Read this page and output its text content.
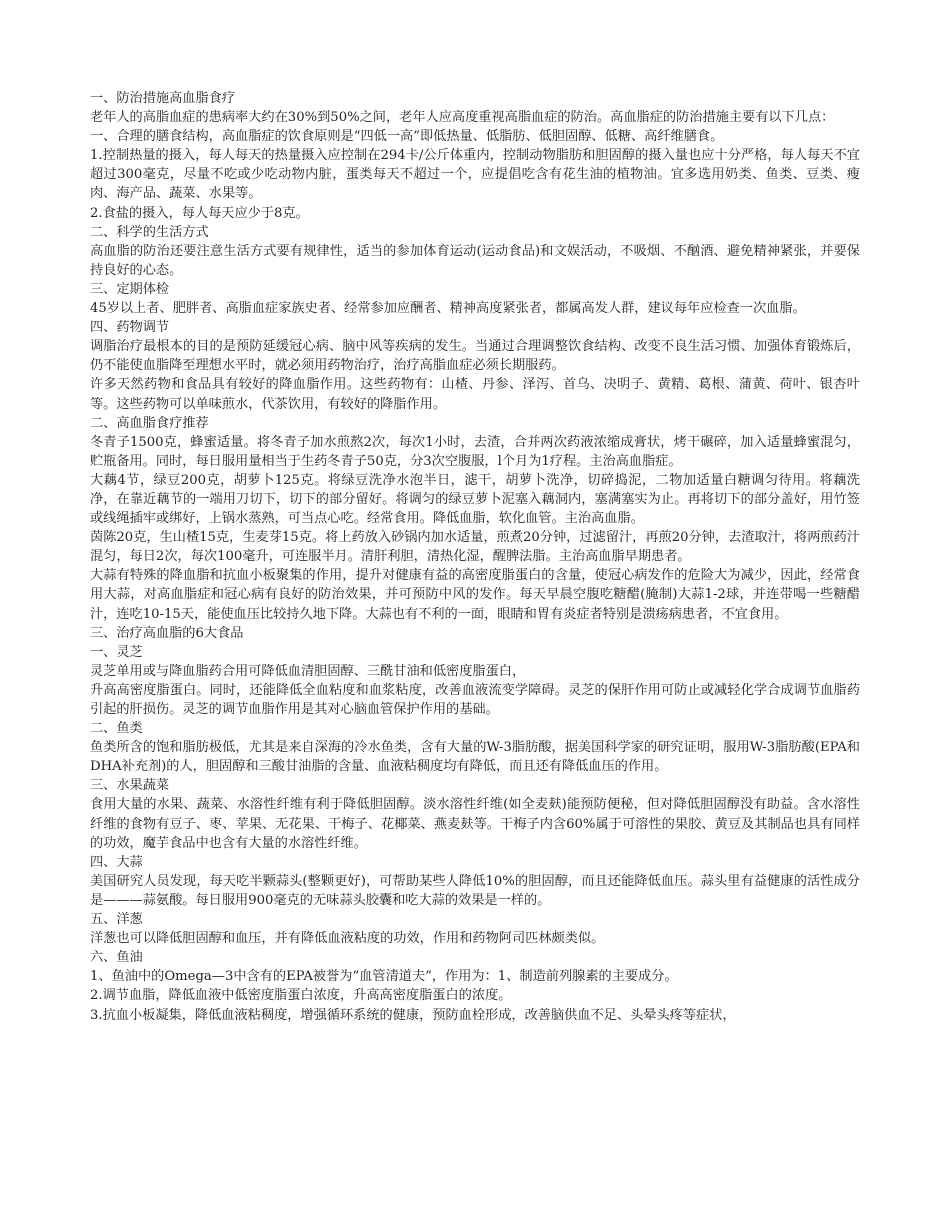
一、防治措施高血脂食疗

老年人的高脂血症的患病率大约在30%到50%之间，老年人应高度重视高脂血症的防治。高血脂症的防治措施主要有以下几点：

一、合理的膳食结构，高血脂症的饮食原则是“四低一高”即低热量、低脂肪、低胆固醇、低糖、高纤维膳食。

1.控制热量的摄入，每人每天的热量摄入应控制在294卡/公斤体重内，控制动物脂肪和胆固醇的摄入量也应十分严格，每人每天不宜超过300毫克，尽量不吃或少吃动物内脏，蛋类每天不超过一个，应提倡吃含有花生油的植物油。宜多选用奶类、鱼类、豆类、瘦肉、海产品、蔬菜、水果等。

2.食盐的摄入，每人每天应少于8克。

二、科学的生活方式

高血脂的防治还要注意生活方式要有规律性，适当的参加体育运动(运动食品)和文娱活动，不吸烟、不酗酒、避免精神紧张，并要保持良好的心态。

三、定期体检

45岁以上者、肥胖者、高脂血症家族史者、经常参加应酬者、精神高度紧张者，都属高发人群，建议每年应检查一次血脂。

四、药物调节

调脂治疗最根本的目的是预防延缓冠心病、脑中风等疾病的发生。当通过合理调整饮食结构、改变不良生活习惯、加强体育锻炼后，仍不能使血脂降至理想水平时，就必须用药物治疗，治疗高脂血症必须长期服药。

许多天然药物和食品具有较好的降血脂作用。这些药物有：山楂、丹参、泽泻、首乌、决明子、黄精、葛根、蒲黄、荷叶、银杏叶等。这些药物可以单味煎水，代茶饮用，有较好的降脂作用。

二、高血脂食疗推荐

冬青子1500克，蜂蜜适量。将冬青子加水煎熬2次，每次1小时，去渣，合并两次药液浓缩成膏状，烤干碾碎，加入适量蜂蜜混匀，贮瓶备用。同时，每日服用量相当于生药冬青子50克，分3次空腹服，l个月为1疗程。主治高血脂症。

大藕4节，绿豆200克，胡萝卜125克。将绿豆洗净水泡半日，滤干，胡萝卜洗净，切碎捣泥，二物加适量白糖调匀待用。将藕洗净，在靠近藕节的一端用刀切下，切下的部分留好。将调匀的绿豆萝卜泥塞入藕洞内，塞满塞实为止。再将切下的部分盖好，用竹签或线绳插牢或绑好，上锅水蒸熟，可当点心吃。经常食用。降低血脂，软化血管。主治高血脂。

茵陈20克，生山楂15克，生麦芽15克。将上药放入砂锅内加水适量，煎煮20分钟，过滤留汁，再煎20分钟，去渣取汁，将两煎药汁混匀，每日2次，每次100毫升，可连服半月。清肝利胆，清热化湿，醒脾法脂。主治高血脂早期患者。

大蒜有特殊的降血脂和抗血小板聚集的作用，提升对健康有益的高密度脂蛋白的含量，使冠心病发作的危险大为减少，因此，经常食用大蒜，对高血脂症和冠心病有良好的防治效果，并可预防中风的发作。每天早晨空腹吃糖醋(腌制)大蒜1-2球，并连带喝一些糖醋汁，连吃10-15天，能使血压比较持久地下降。大蒜也有不利的一面，眼睛和胃有炎症者特别是溃疡病患者，不宜食用。

三、治疗高血脂的6大食品

一、灵芝

灵芝单用或与降血脂药合用可降低血清胆固醇、三酰甘油和低密度脂蛋白，

升高高密度脂蛋白。同时，还能降低全血粘度和血浆粘度，改善血液流变学障碍。灵芝的保肝作用可防止或减轻化学合成调节血脂药引起的肝损伤。灵芝的调节血脂作用是其对心脑血管保护作用的基础。

二、鱼类

鱼类所含的饱和脂肪极低，尤其是来自深海的冷水鱼类，含有大量的W-3脂肪酸，据美国科学家的研究证明，服用W-3脂肪酸(EPA和DHA补充剂)的人，胆固醇和三酸甘油脂的含量、血液粘稠度均有降低，而且还有降低血压的作用。

三、水果蔬菜

食用大量的水果、蔬菜、水溶性纤维有利于降低胆固醇。淡水溶性纤维(如全麦麸)能预防便秘，但对降低胆固醇没有助益。含水溶性纤维的食物有豆子、枣、苹果、无花果、干梅子、花椰菜、燕麦麸等。干梅子内含60%属于可溶性的果胶、黄豆及其制品也具有同样的功效，魔芋食品中也含有大量的水溶性纤维。

四、大蒜

美国研究人员发现，每天吃半颗蒜头(整颗更好)，可帮助某些人降低10%的胆固醇，而且还能降低血压。蒜头里有益健康的活性成分是———蒜氨酸。每日服用900毫克的无味蒜头胶囊和吃大蒜的效果是一样的。

五、洋葱

洋葱也可以降低胆固醇和血压，并有降低血液粘度的功效，作用和药物阿司匹林颇类似。

六、鱼油

1、鱼油中的Omega—3中含有的EPA被誉为“血管清道夫”，作用为：1、制造前列腺素的主要成分。

2.调节血脂，降低血液中低密度脂蛋白浓度，升高高密度脂蛋白的浓度。

3.抗血小板凝集，降低血液粘稠度，增强循环系统的健康，预防血栓形成，改善脑供血不足、头晕头疼等症状，
